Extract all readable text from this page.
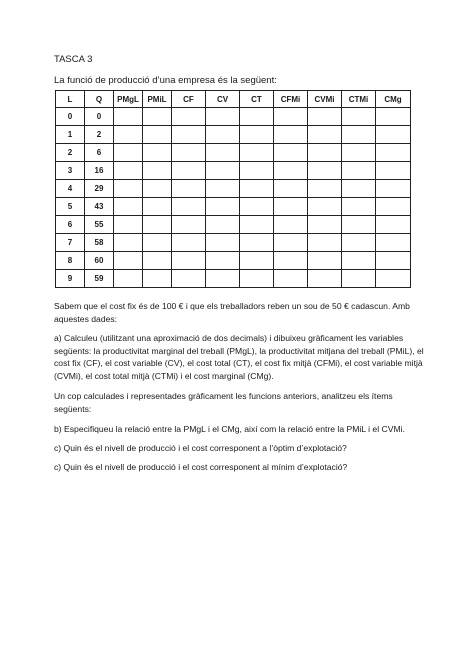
TASCA 3
La funció de producció d’una empresa és la següent:
L	Q	PMgL	PMiL	CF	CV	CT	CFMi	CVMi	CTMi	CMg
0	0									
1	2									
2	6									
3	16									
4	29									
5	43									
6	55									
7	58									
8	60									
9	59									

Sabem que el cost fix és de 100 € i que els treballadors reben un sou de 50 € cadascun. Amb aquestes dades:

a) Calculeu (utilitzant una aproximació de dos decimals) i dibuixeu gràficament les variables següents: la productivitat marginal del treball (PMgL), la productivitat mitjana del treball (PMiL), el cost fix (CF), el cost variable (CV), el cost total (CT), el cost fix mitjà (CFMi), el cost variable mitjà (CVMi), el cost total mitjà (CTMi) i el cost marginal (CMg).

Un cop calculades i representades gràficament les funcions anteriors, analitzeu els ítems següents:

b) Especifiqueu la relació entre la PMgL i el CMg, així com la relació entre la PMiL i el CVMi.

c) Quin és el nivell de producció i el cost corresponent a l’òptim d’explotació?

c) Quin és el nivell de producció i el cost corresponent al mínim d’explotació?
